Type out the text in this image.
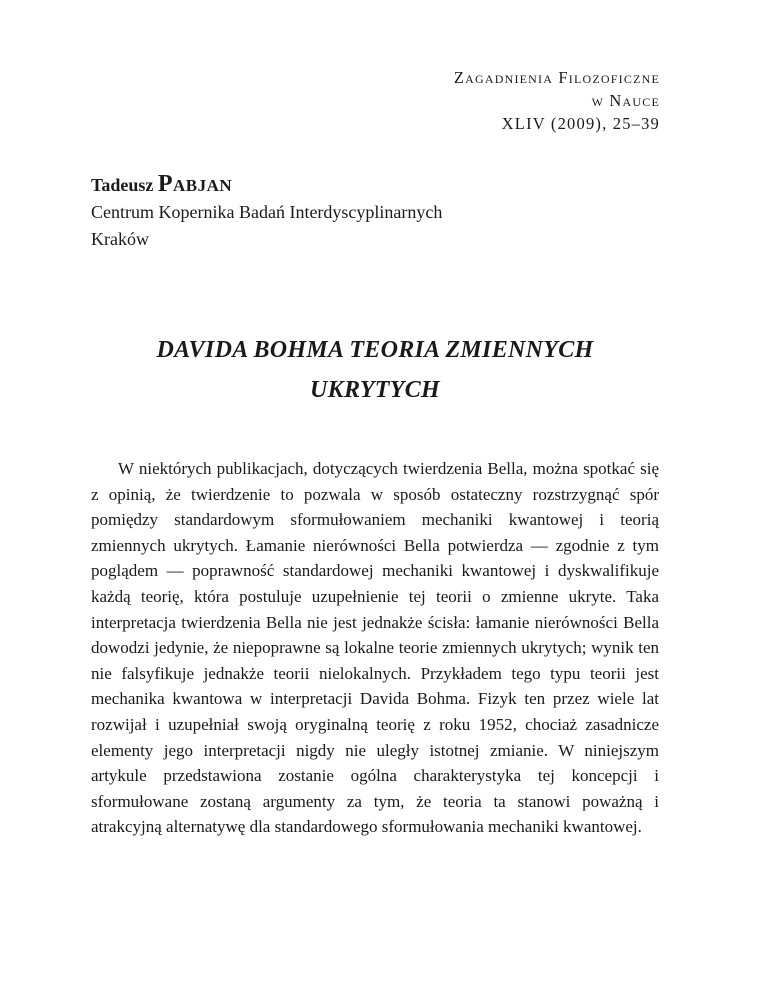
Zagadnienia Filozoficzne
w Nauce
XLIV (2009), 25–39
Tadeusz Pabjan
Centrum Kopernika Badań Interdyscyplinarnych
Kraków
DAVIDA BOHMA TEORIA ZMIENNYCH UKRYTYCH

W niektórych publikacjach, dotyczących twierdzenia Bella, można spotkać się z opinią, że twierdzenie to pozwala w sposób ostateczny rozstrzygnąć spór pomiędzy standardowym sformułowaniem mechaniki kwantowej i teorią zmiennych ukrytych. Łamanie nierówności Bella potwierdza — zgodnie z tym poglądem — poprawność standardowej mechaniki kwantowej i dyskwalifikuje każdą teorię, która postuluje uzupełnienie tej teorii o zmienne ukryte. Taka interpretacja twierdzenia Bella nie jest jednakże ścisła: łamanie nierówności Bella dowodzi jedynie, że niepoprawne są lokalne teorie zmiennych ukrytych; wynik ten nie falsyfikuje jednakże teorii nielokalnych. Przykładem tego typu teorii jest mechanika kwantowa w interpretacji Davida Bohma. Fizyk ten przez wiele lat rozwijał i uzupełniał swoją oryginalną teorię z roku 1952, chociaż zasadnicze elementy jego interpretacji nigdy nie uległy istotnej zmianie. W niniejszym artykule przedstawiona zostanie ogólna charakterystyka tej koncepcji i sformułowane zostaną argumenty za tym, że teoria ta stanowi poważną i atrakcyjną alternatywę dla standardowego sformułowania mechaniki kwantowej.
